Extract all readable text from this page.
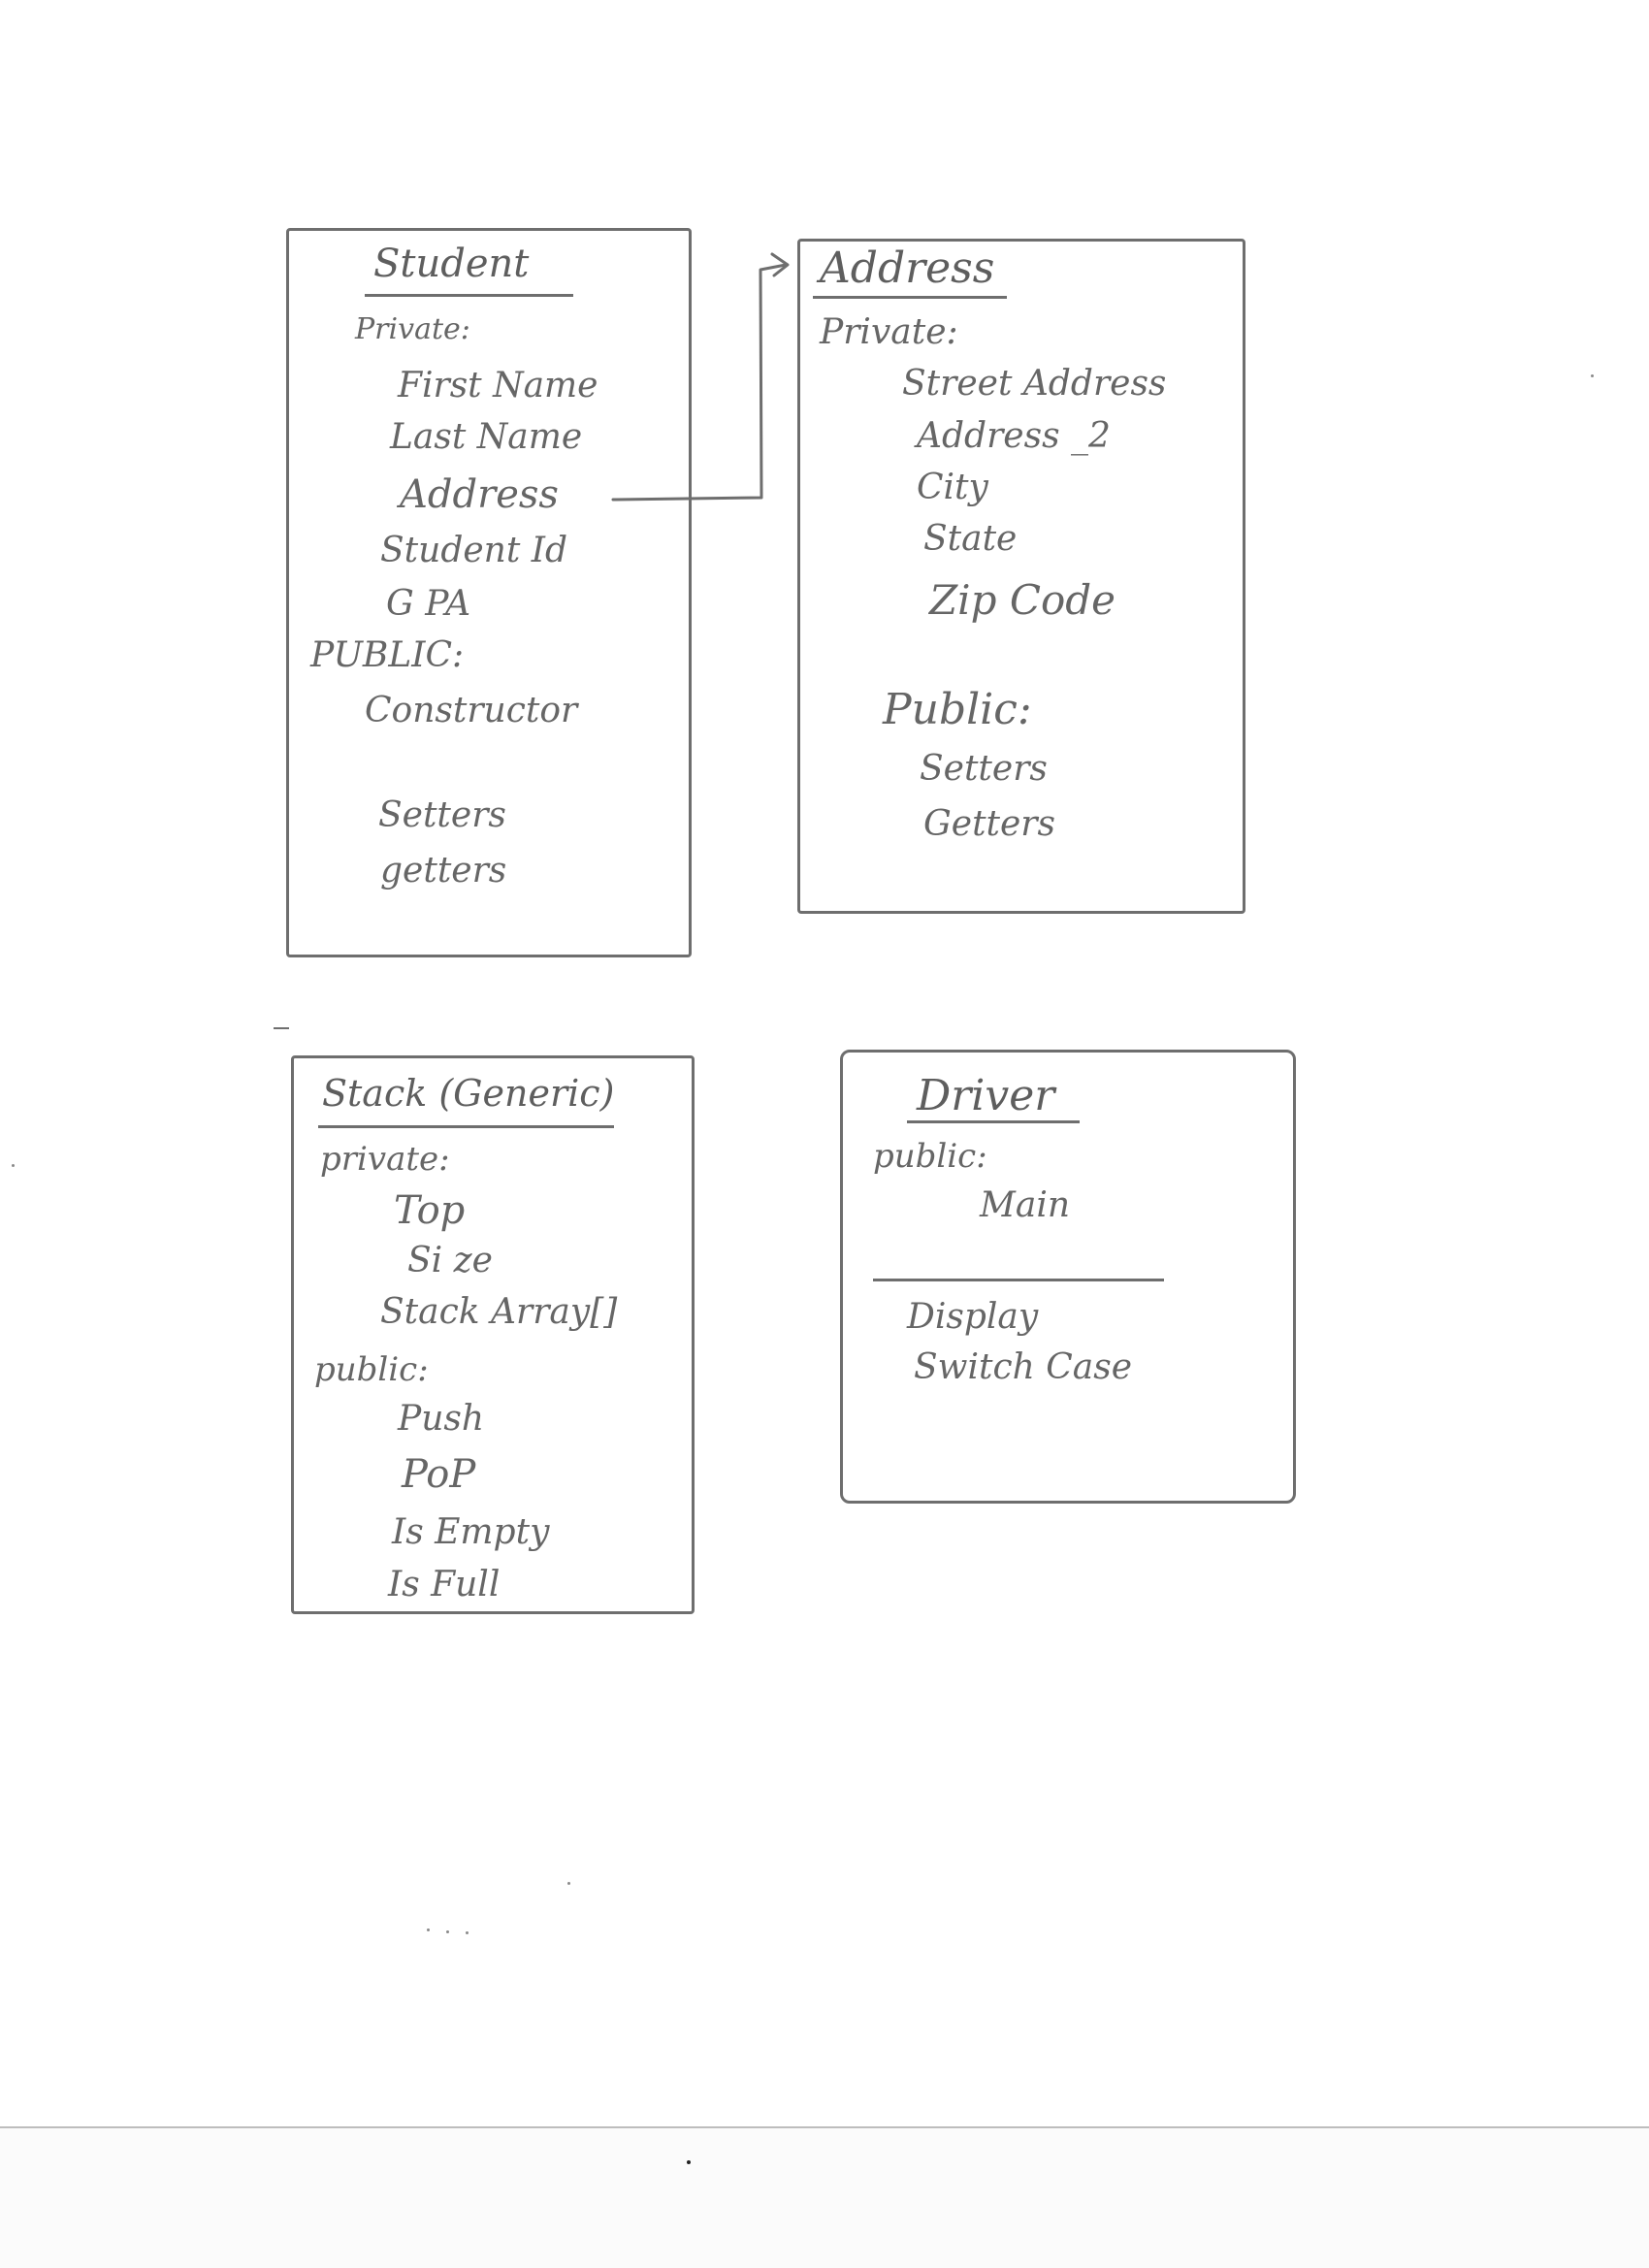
Student
Private:
First Name
Last Name
Address
Student Id
G PA
PUBLIC:
Constructor
Setters
getters
Address
Private:
Street Address
Address _2
City
State
Zip Code
Public:
Setters
Getters
Stack (Generic)
private:
Top
Si ze
Stack Array[]
public:
Push
PoP
Is Empty
Is Full
Driver
public:
Main
Display
Switch Case
